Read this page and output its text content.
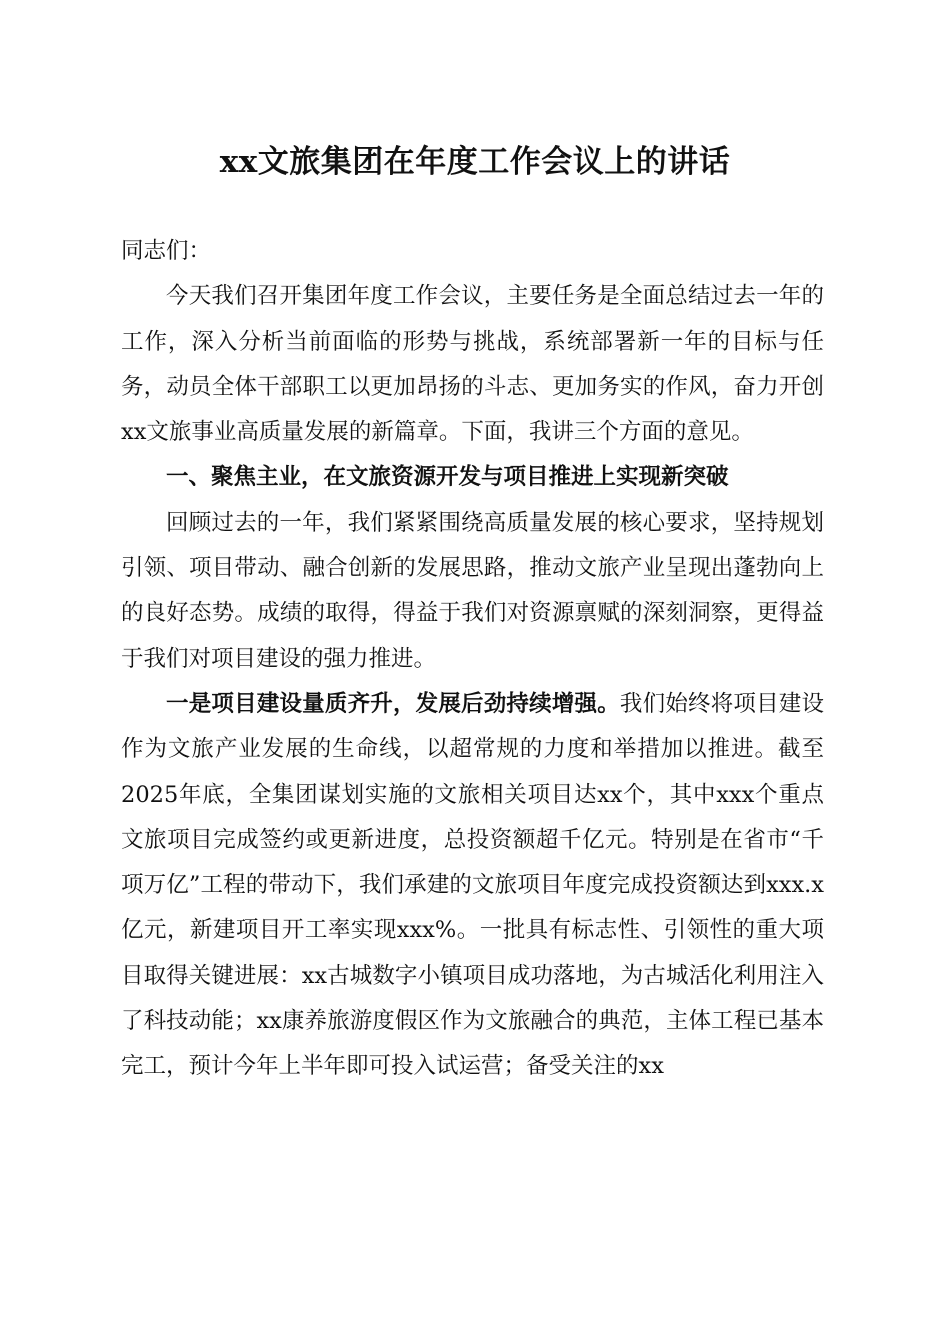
xx文旅集团在年度工作会议上的讲话

同志们：

今天我们召开集团年度工作会议，主要任务是全面总结过去一年的工作，深入分析当前面临的形势与挑战，系统部署新一年的目标与任务，动员全体干部职工以更加昂扬的斗志、更加务实的作风，奋力开创xx文旅事业高质量发展的新篇章。下面，我讲三个方面的意见。

一、聚焦主业，在文旅资源开发与项目推进上实现新突破

回顾过去的一年，我们紧紧围绕高质量发展的核心要求，坚持规划引领、项目带动、融合创新的发展思路，推动文旅产业呈现出蓬勃向上的良好态势。成绩的取得，得益于我们对资源禀赋的深刻洞察，更得益于我们对项目建设的强力推进。

一是项目建设量质齐升，发展后劲持续增强。我们始终将项目建设作为文旅产业发展的生命线，以超常规的力度和举措加以推进。截至2025年底，全集团谋划实施的文旅相关项目达xx个，其中xxx个重点文旅项目完成签约或更新进度，总投资额超千亿元。特别是在省市“千项万亿”工程的带动下，我们承建的文旅项目年度完成投资额达到xxx.x亿元，新建项目开工率实现xxx%。一批具有标志性、引领性的重大项目取得关键进展：xx古城数字小镇项目成功落地，为古城活化利用注入了科技动能；xx康养旅游度假区作为文旅融合的典范，主体工程已基本完工，预计今年上半年即可投入试运营；备受关注的xx
